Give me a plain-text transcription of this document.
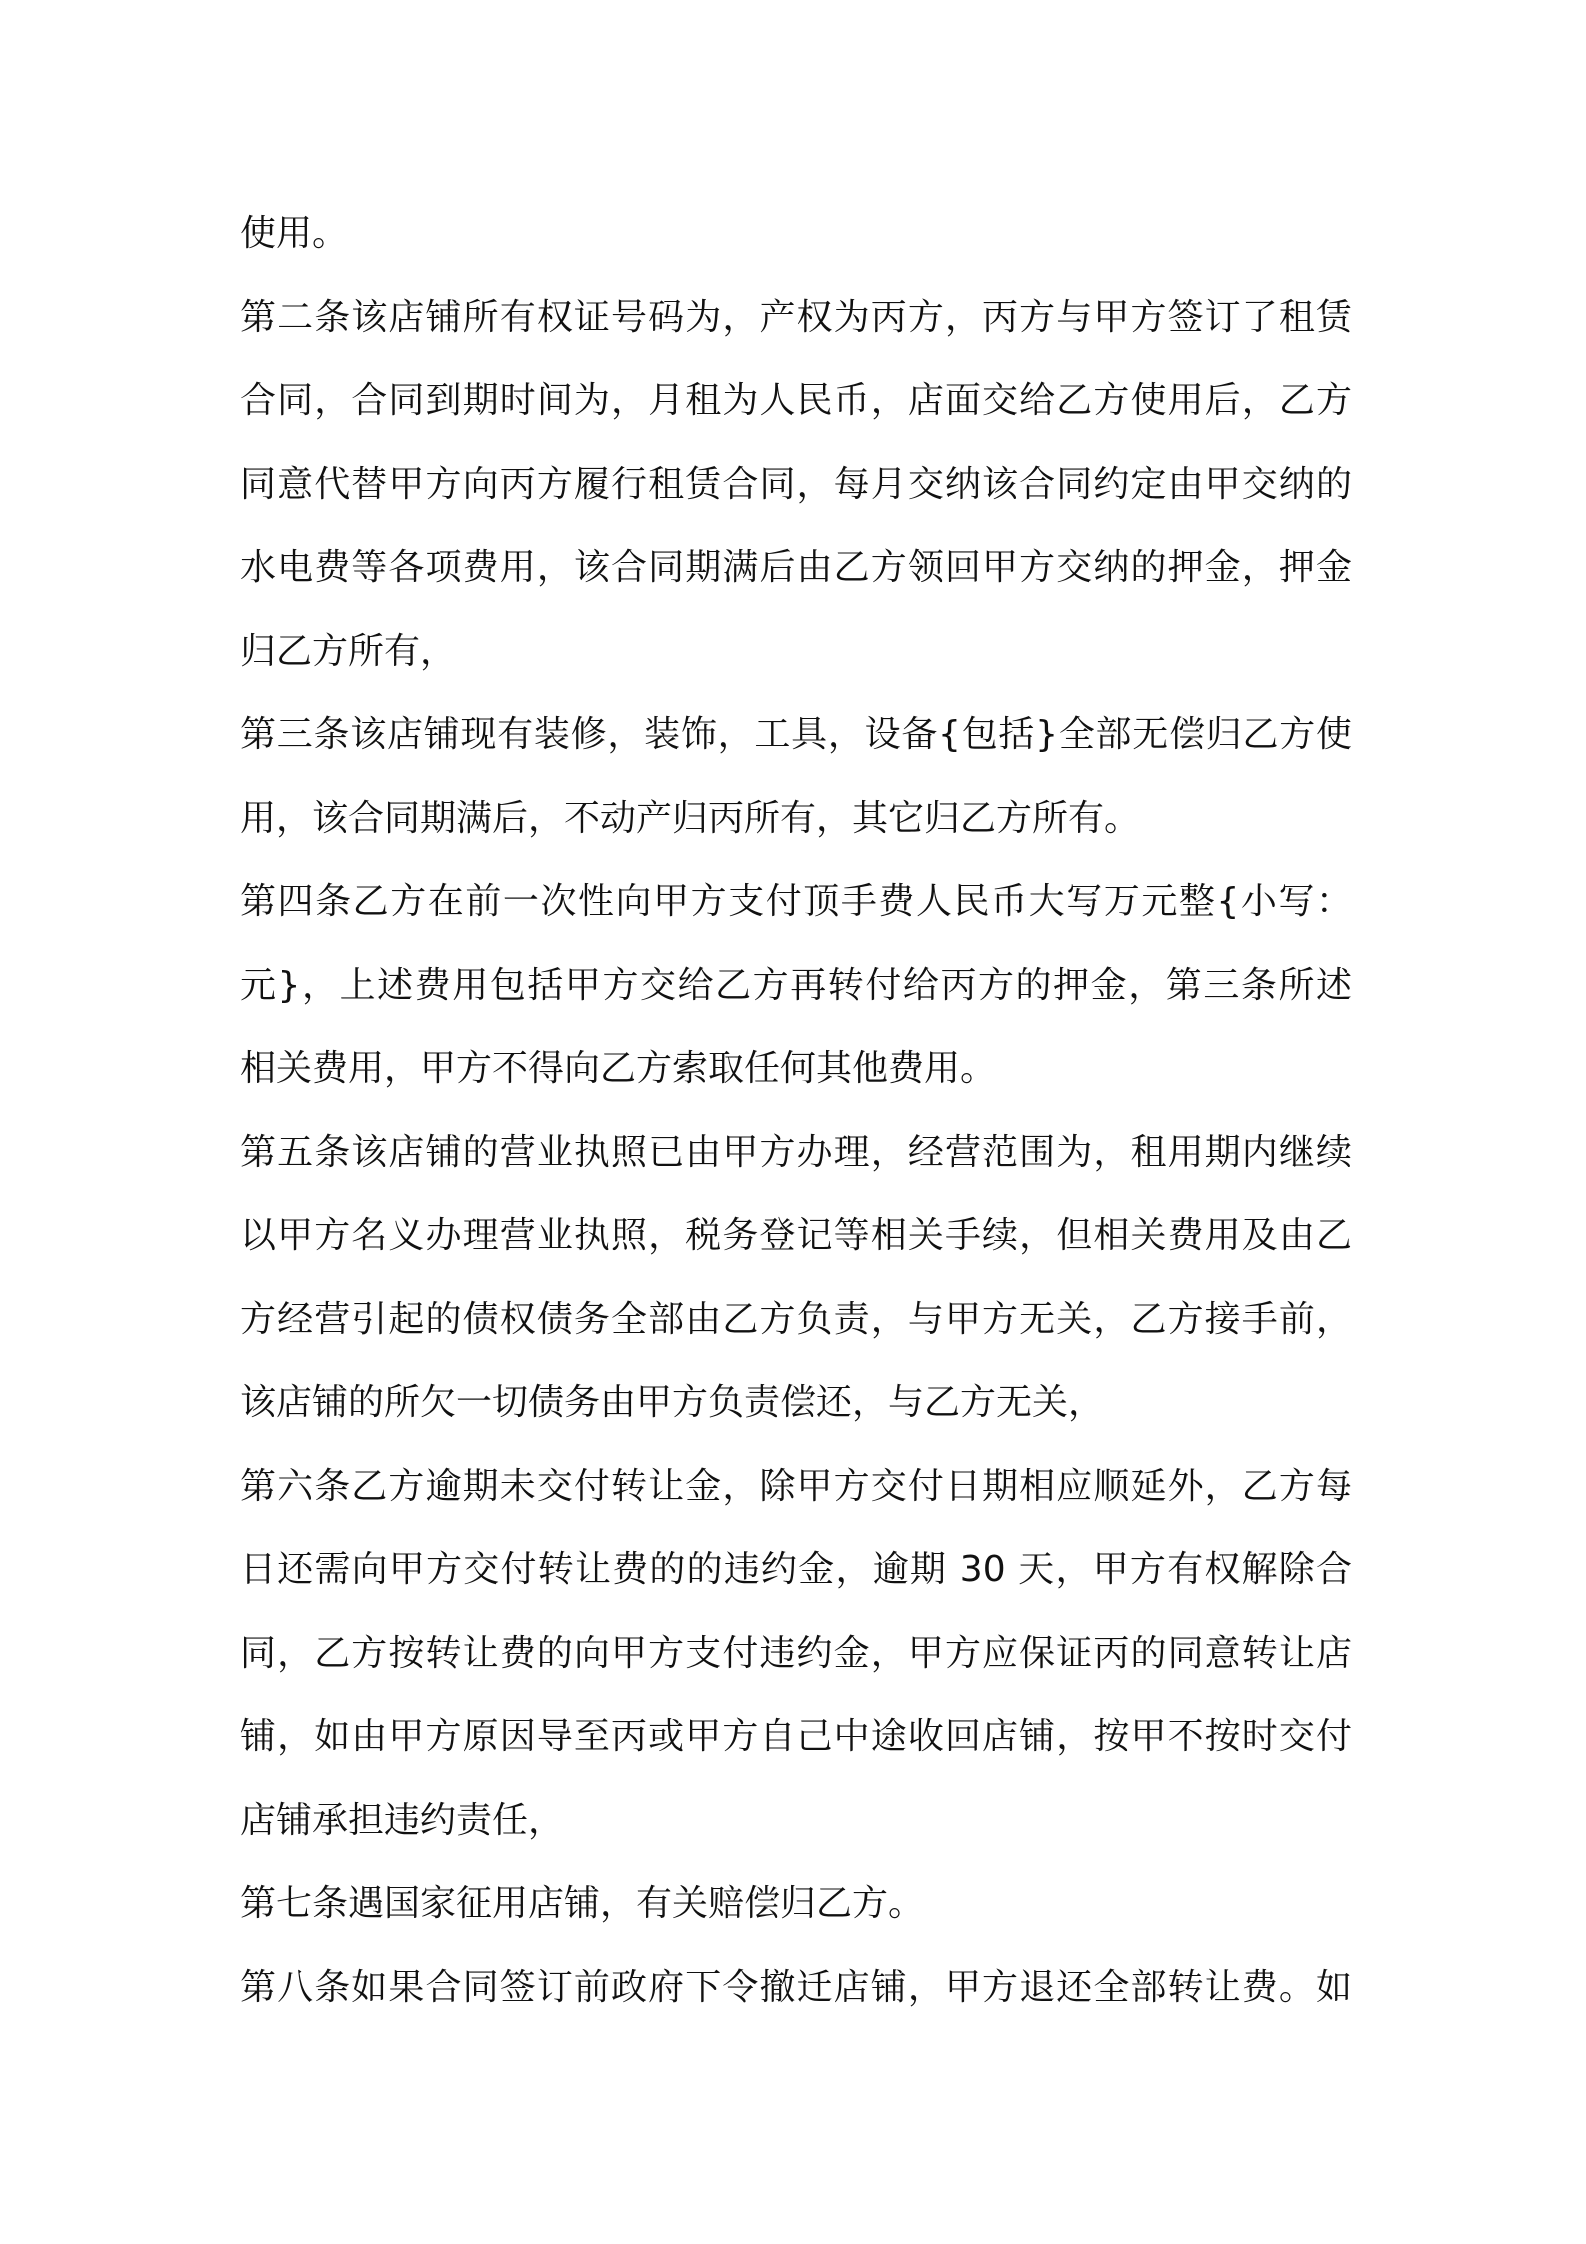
使用。
第二条该店铺所有权证号码为，产权为丙方，丙方与甲方签订了租赁
合同，合同到期时间为，月租为人民币，店面交给乙方使用后，乙方
同意代替甲方向丙方履行租赁合同，每月交纳该合同约定由甲交纳的
水电费等各项费用，该合同期满后由乙方领回甲方交纳的押金，押金
归乙方所有，
第三条该店铺现有装修，装饰，工具，设备{包括}全部无偿归乙方使
用，该合同期满后，不动产归丙所有，其它归乙方所有。
第四条乙方在前一次性向甲方支付顶手费人民币大写万元整{小写：
元}，上述费用包括甲方交给乙方再转付给丙方的押金，第三条所述
相关费用，甲方不得向乙方索取任何其他费用。
第五条该店铺的营业执照已由甲方办理，经营范围为，租用期内继续
以甲方名义办理营业执照，税务登记等相关手续，但相关费用及由乙
方经营引起的债权债务全部由乙方负责，与甲方无关，乙方接手前，
该店铺的所欠一切债务由甲方负责偿还，与乙方无关，
第六条乙方逾期未交付转让金，除甲方交付日期相应顺延外，乙方每
日还需向甲方交付转让费的的违约金，逾期 30 天，甲方有权解除合
同，乙方按转让费的向甲方支付违约金，甲方应保证丙的同意转让店
铺，如由甲方原因导至丙或甲方自己中途收回店铺，按甲不按时交付
店铺承担违约责任，
第七条遇国家征用店铺，有关赔偿归乙方。
第八条如果合同签订前政府下令撤迁店铺，甲方退还全部转让费。如
